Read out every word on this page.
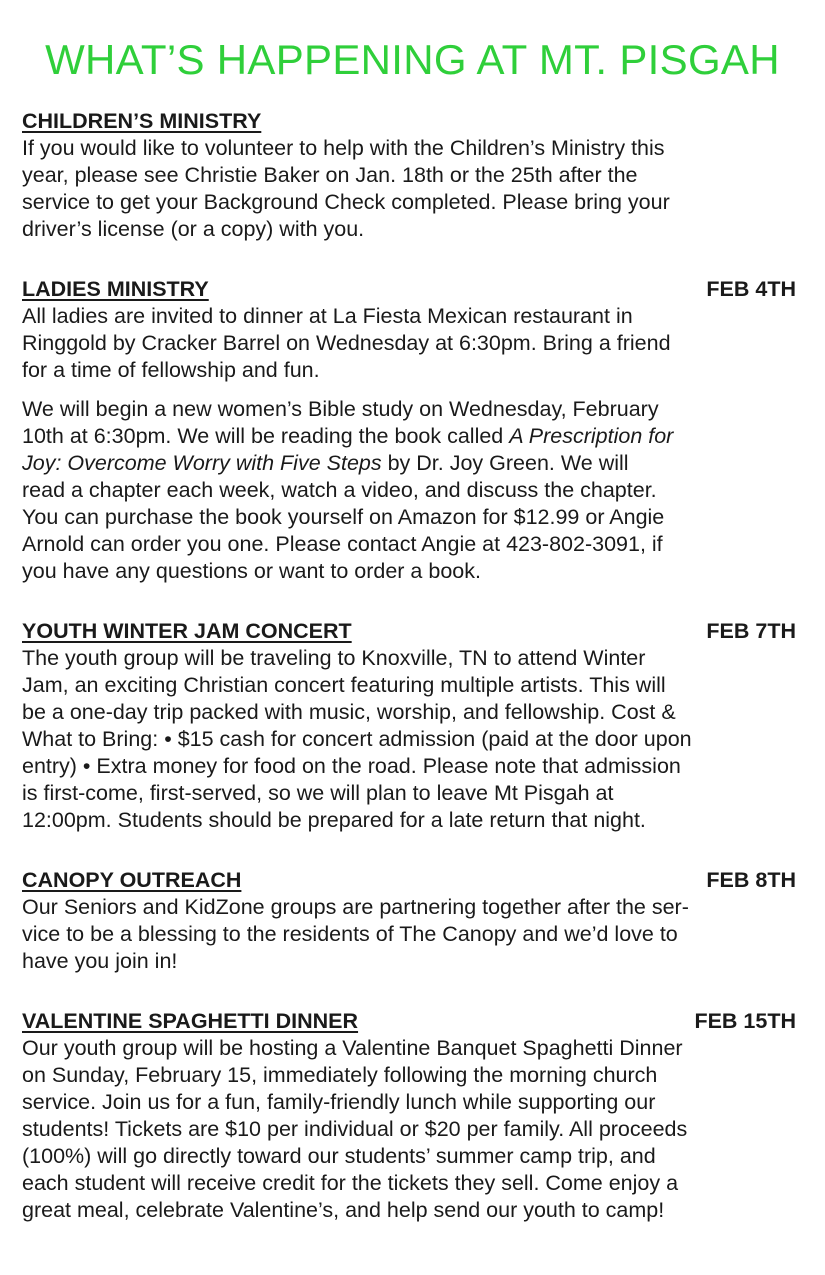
WHAT’S HAPPENING AT MT. PISGAH
CHILDREN’S MINISTRY
If you would like to volunteer to help with the Children’s Ministry this
year, please see Christie Baker on Jan. 18th or the 25th after the
service to get your Background Check completed. Please bring your
driver’s license (or a copy) with you.
LADIES MINISTRY	FEB 4TH
All ladies are invited to dinner at La Fiesta Mexican restaurant in
Ringgold by Cracker Barrel on Wednesday at 6:30pm. Bring a friend
for a time of fellowship and fun.
We will begin a new women’s Bible study on Wednesday, February
10th at 6:30pm. We will be reading the book called A Prescription for
Joy: Overcome Worry with Five Steps by Dr. Joy Green. We will
read a chapter each week, watch a video, and discuss the chapter.
You can purchase the book yourself on Amazon for $12.99 or Angie
Arnold can order you one. Please contact Angie at 423-802-3091, if
you have any questions or want to order a book.
YOUTH WINTER JAM CONCERT	FEB 7TH
The youth group will be traveling to Knoxville, TN to attend Winter
Jam, an exciting Christian concert featuring multiple artists. This will
be a one-day trip packed with music, worship, and fellowship. Cost &
What to Bring: • $15 cash for concert admission (paid at the door upon
entry) • Extra money for food on the road. Please note that admission
is first-come, first-served, so we will plan to leave Mt Pisgah at
12:00pm. Students should be prepared for a late return that night.
CANOPY OUTREACH	FEB 8TH
Our Seniors and KidZone groups are partnering together after the ser-
vice to be a blessing to the residents of The Canopy and we’d love to
have you join in!
VALENTINE SPAGHETTI DINNER	FEB 15TH
Our youth group will be hosting a Valentine Banquet Spaghetti Dinner
on Sunday, February 15, immediately following the morning church
service. Join us for a fun, family-friendly lunch while supporting our
students! Tickets are $10 per individual or $20 per family. All proceeds
(100%) will go directly toward our students’ summer camp trip, and
each student will receive credit for the tickets they sell. Come enjoy a
great meal, celebrate Valentine’s, and help send our youth to camp!
